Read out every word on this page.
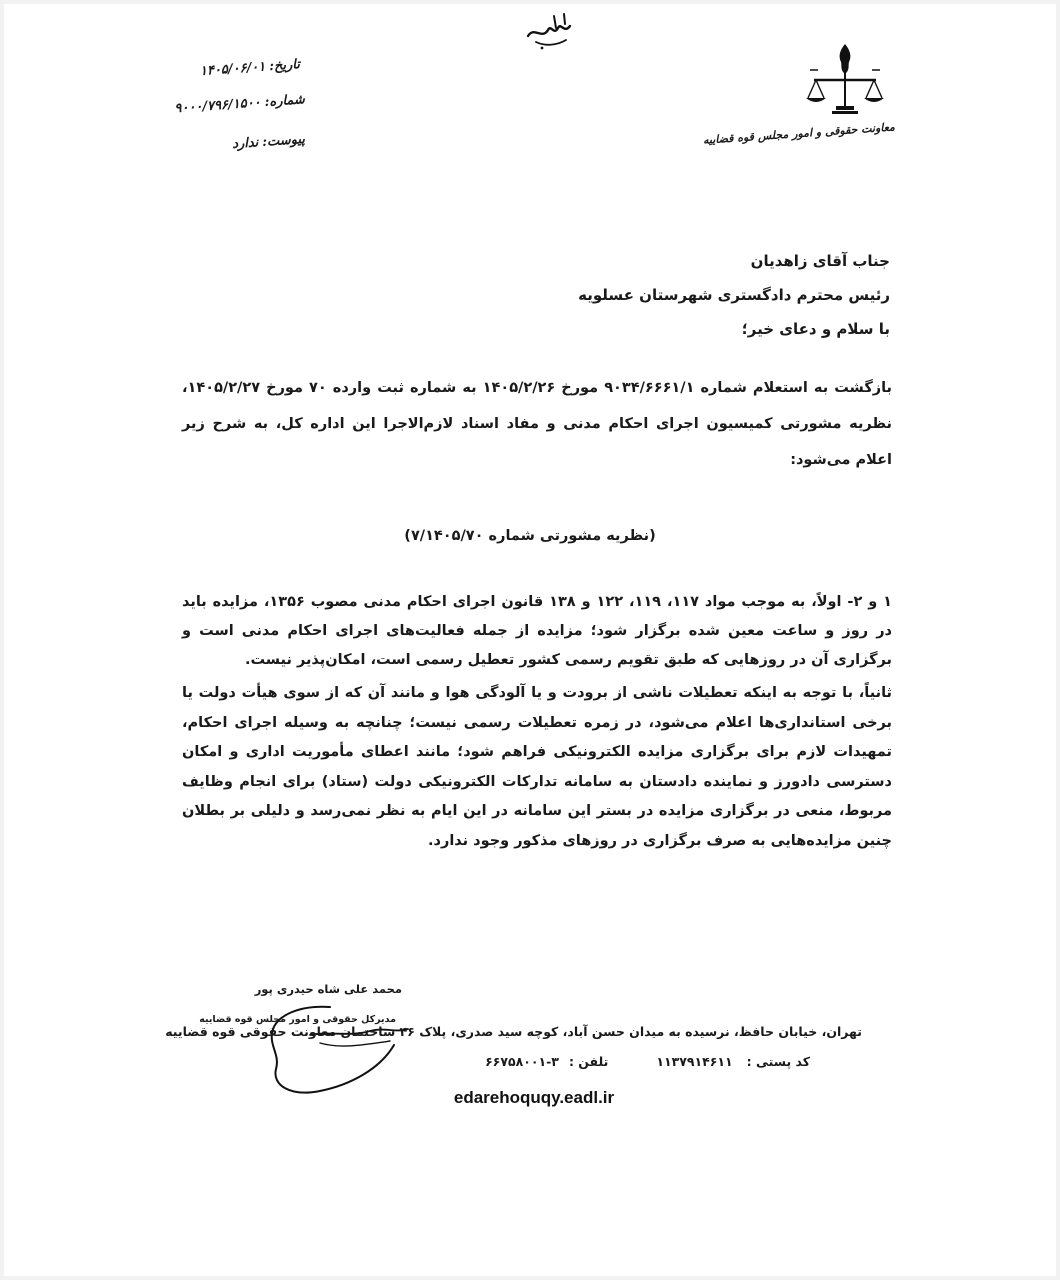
معاونت حقوقی و امور مجلس قوه قضاییه
تاریخ:۱۴۰۵/۰۶/۰۱
شماره:۹۰۰۰/۷۹۶/۱۵۰۰
پیوست:ندارد
جناب آقای زاهدیان
رئیس محترم دادگستری شهرستان عسلویه
با سلام و دعای خیر؛
بازگشت به استعلام شماره ۹۰۳۴/۶۶۶۱/۱ مورخ ۱۴۰۵/۲/۲۶ به شماره ثبت وارده ۷۰ مورخ ۱۴۰۵/۲/۲۷، نظریه مشورتی کمیسیون اجرای احکام مدنی و مفاد اسناد لازم‌الاجرا این اداره کل، به شرح زیر اعلام می‌شود:
(نظریه مشورتی شماره ۷/۱۴۰۵/۷۰)

۱ و ۲- اولاً، به موجب مواد ۱۱۷، ۱۱۹، ۱۲۲ و ۱۳۸ قانون اجرای احکام مدنی مصوب ۱۳۵۶، مزایده باید در روز و ساعت معین شده برگزار شود؛ مزایده از جمله فعالیت‌های اجرای احکام مدنی است و برگزاری آن در روزهایی که طبق تقویم رسمی کشور تعطیل رسمی است، امکان‌پذیر نیست.

ثانیاً، با توجه به اینکه تعطیلات ناشی از برودت و یا آلودگی هوا و مانند آن که از سوی هیأت دولت یا برخی استانداری‌ها اعلام می‌شود، در زمره تعطیلات رسمی نیست؛ چنانچه به وسیله اجرای احکام، تمهیدات لازم برای برگزاری مزایده الکترونیکی فراهم شود؛ مانند اعطای مأموریت اداری و امکان دسترسی دادورز و نماینده دادستان به سامانه تدارکات الکترونیکی دولت (ستاد) برای انجام وظایف مربوط، منعی در برگزاری مزایده در بستر این سامانه در این ایام به نظر نمی‌رسد و دلیلی بر بطلان چنین مزایده‌هایی به صرف برگزاری در روزهای مذکور وجود ندارد.

محمد علی شاه حیدری پور
مدیرکل حقوقی و امور مجلس قوه قضاییه
تهران، خیابان حافظ، نرسیده به میدان حسن آباد، کوچه سید صدری، پلاک ۴۶ ساختمان معاونت حقوقی قوه قضاییه
کد پستی :۱۱۳۷۹۱۴۶۱۱تلفن :۶۶۷۵۸۰۰۱-۳
edarehoquqy.eadl.ir
